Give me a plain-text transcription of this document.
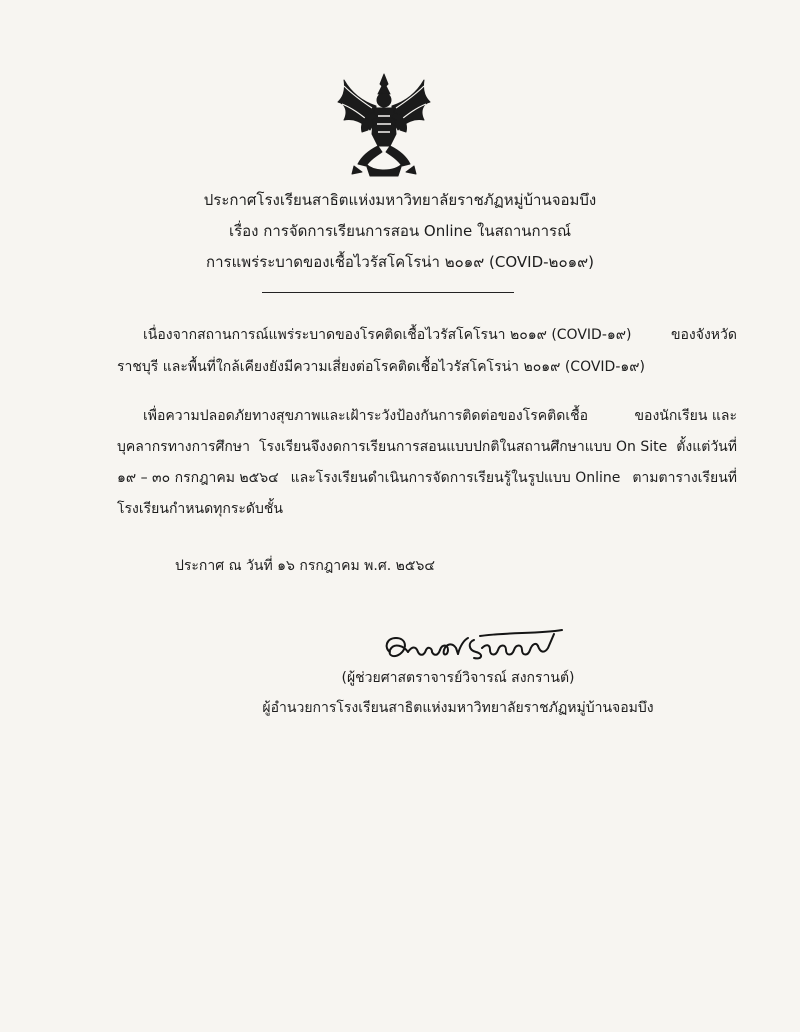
ประกาศโรงเรียนสาธิตแห่งมหาวิทยาลัยราชภัฏหมู่บ้านจอมบึง
เรื่อง การจัดการเรียนการสอน Online ในสถานการณ์
การแพร่ระบาดของเชื้อไวรัสโคโรน่า ๒๐๑๙ (COVID-๒๐๑๙)
เนื่องจากสถานการณ์แพร่ระบาดของโรคติดเชื้อไวรัสโคโรนา ๒๐๑๙ (COVID-๑๙)	ของจังหวัด
ราชบุรี และพื้นที่ใกล้เคียงยังมีความเสี่ยงต่อโรคติดเชื้อไวรัสโคโรน่า ๒๐๑๙ (COVID-๑๙)
เพื่อความปลอดภัยทางสุขภาพและเฝ้าระวังป้องกันการติดต่อของโรคติดเชื้อ	ของนักเรียน และ
บุคลากรทางการศึกษา โรงเรียนจึงงดการเรียนการสอนแบบปกติในสถานศึกษาแบบ On Site ตั้งแต่วันที่
๑๙ – ๓๐ กรกฎาคม ๒๕๖๔ และโรงเรียนดำเนินการจัดการเรียนรู้ในรูปแบบ Online ตามตารางเรียนที่
โรงเรียนกำหนดทุกระดับชั้น
ประกาศ ณ วันที่ ๑๖ กรกฎาคม พ.ศ. ๒๕๖๔
(ผู้ช่วยศาสตราจารย์วิจารณ์ สงกรานต์)
ผู้อำนวยการโรงเรียนสาธิตแห่งมหาวิทยาลัยราชภัฏหมู่บ้านจอมบึง
